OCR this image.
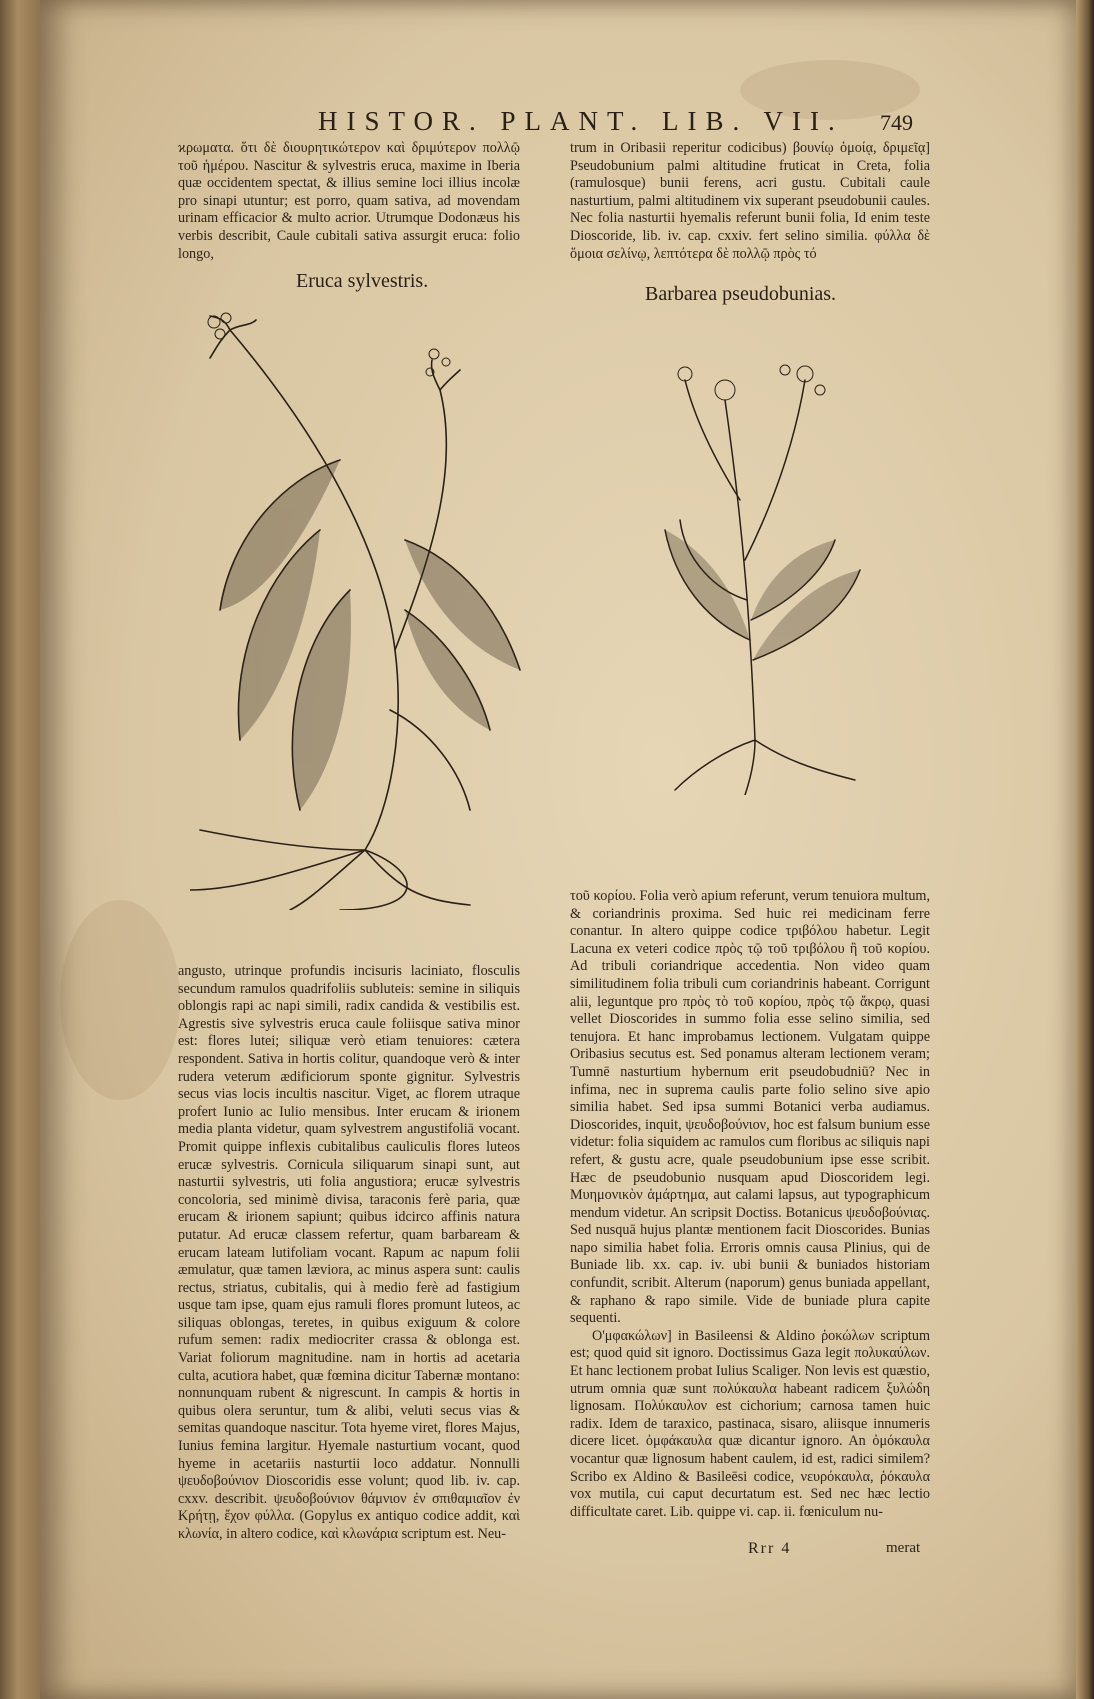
HISTOR. PLANT. LIB. VII. 749

ϰρωματα. ὅτι δὲ διουρητικώτερον καὶ δριμύτερον πολλῷ τοῦ ἡμέρου. Nascitur & sylvestris eruca, maxime in Iberia quæ occidentem spectat, & illius semine loci illius incolæ pro sinapi utuntur; est porro, quam sativa, ad movendam urinam efficacior & multo acrior. Utrumque Dodonæus his verbis describit, Caule cubitali sativa assurgit eruca: folio longo,

trum in Oribasii reperitur codicibus) βουνίῳ ὁμοίᾳ, δριμεῖᾳ] Pseudobunium palmi altitudine fruticat in Creta, folia (ramulosque) bunii ferens, acri gustu. Cubitali caule nasturtium, palmi altitudinem vix superant pseudobunii caules. Nec folia nasturtii hyemalis referunt bunii folia, Id enim teste Dioscoride, lib. iv. cap. cxxiv. fert selino similia. φύλλα δὲ ὅμοια σελίνῳ, λεπτότερα δὲ πολλῷ πρὸς τό

Eruca sylvestris.
Barbarea pseudobunias.

angusto, utrinque profundis incisuris laciniato, flosculis secundum ramulos quadrifoliis subluteis: semine in siliquis oblongis rapi ac napi simili, radix candida & vestibilis est. Agrestis sive sylvestris eruca caule foliisque sativa minor est: flores lutei; siliquæ verò etiam tenuiores: cætera respondent. Sativa in hortis colitur, quandoque verò & inter rudera veterum ædificiorum sponte gignitur. Sylvestris secus vias locis incultis nascitur. Viget, ac florem utraque profert Iunio ac Iulio mensibus. Inter erucam & irionem media planta videtur, quam sylvestrem angustifoliā vocant. Promit quippe inflexis cubitalibus cauliculis flores luteos erucæ sylvestris. Cornicula siliquarum sinapi sunt, aut nasturtii sylvestris, uti folia angustiora; erucæ sylvestris concoloria, sed minimè divisa, taraconis ferè paria, quæ erucam & irionem sapiunt; quibus idcirco affinis natura putatur. Ad erucæ classem refertur, quam barbaream & erucam lateam lutifoliam vocant. Rapum ac napum folii æmulatur, quæ tamen læviora, ac minus aspera sunt: caulis rectus, striatus, cubitalis, qui à medio ferè ad fastigium usque tam ipse, quam ejus ramuli flores promunt luteos, ac siliquas oblongas, teretes, in quibus exiguum & colore rufum semen: radix mediocriter crassa & oblonga est. Variat foliorum magnitudine. nam in hortis ad acetaria culta, acutiora habet, quæ fœmina dicitur Tabernæ montano: nonnunquam rubent & nigrescunt. In campis & hortis in quibus olera seruntur, tum & alibi, veluti secus vias & semitas quandoque nascitur. Tota hyeme viret, flores Majus, Iunius femina largitur. Hyemale nasturtium vocant, quod hyeme in acetariis nasturtii loco addatur. Nonnulli ψευδοβούνιον Dioscoridis esse volunt; quod lib. iv. cap. cxxv. describit. ψευδοβούνιον θάμνιον ἐν σπιθαμιαῖον ἐν Κρήτῃ, ἔχον φύλλα. (Gopylus ex antiquo codice addit, καὶ κλωνία, in altero codice, καὶ κλωνάρια scriptum est. Neu-

τοῦ κορίου. Folia verò apium referunt, verum tenuiora multum, & coriandrinis proxima. Sed huic rei medicinam ferre conantur. In altero quippe codice τριβόλου habetur. Legit Lacuna ex veteri codice πρὸς τῷ τοῦ τριβόλου ἢ τοῦ κορίου. Ad tribuli coriandrique accedentia. Non video quam similitudinem folia tribuli cum coriandrinis habeant. Corrigunt alii, leguntque pro πρὸς τὸ τοῦ κορίου, πρὸς τῷ ἄκρῳ, quasi vellet Dioscorides in summo folia esse selino similia, sed tenujora. Et hanc improbamus lectionem. Vulgatam quippe Oribasius secutus est. Sed ponamus alteram lectionem veram; Tumnē nasturtium hybernum erit pseudobudniū? Nec in infima, nec in suprema caulis parte folio selino sive apio similia habet. Sed ipsa summi Botanici verba audiamus. Dioscorides, inquit, ψευδοβούνιον, hoc est falsum bunium esse videtur: folia siquidem ac ramulos cum floribus ac siliquis napi refert, & gustu acre, quale pseudobunium ipse esse scribit. Hæc de pseudobunio nusquam apud Dioscoridem legi. Μυημονικὸν ἁμάρτημα, aut calami lapsus, aut typographicum mendum videtur. An scripsit Doctiss. Botanicus ψευδοβούνιας. Sed nusquā hujus plantæ mentionem facit Dioscorides. Bunias napo similia habet folia. Erroris omnis causa Plinius, qui de Buniade lib. xx. cap. iv. ubi bunii & buniados historiam confundit, scribit. Alterum (naporum) genus buniada appellant, & raphano & rapo simile. Vide de buniade plura capite sequenti.

Ο'μφακώλων] in Basileensi & Aldino ῥοκώλων scriptum est; quod quid sit ignoro. Doctissimus Gaza legit πολυκαύλων. Et hanc lectionem probat Iulius Scaliger. Non levis est quæstio, utrum omnia quæ sunt πολύκαυλα habeant radicem ξυλώδη lignosam. Πολύκαυλον est cichorium; carnosa tamen huic radix. Idem de taraxico, pastinaca, sisaro, aliisque innumeris dicere licet. ὀμφάκαυλα quæ dicantur ignoro. An ὀμόκαυλα vocantur quæ lignosum habent caulem, id est, radici similem? Scribo ex Aldino & Basileēsi codice, νευρόκαυλα, ῥόκαυλα vox mutila, cui caput decurtatum est. Sed nec hæc lectio difficultate caret. Lib. quippe vi. cap. ii. fœniculum nu-

Rrr 4	merat
